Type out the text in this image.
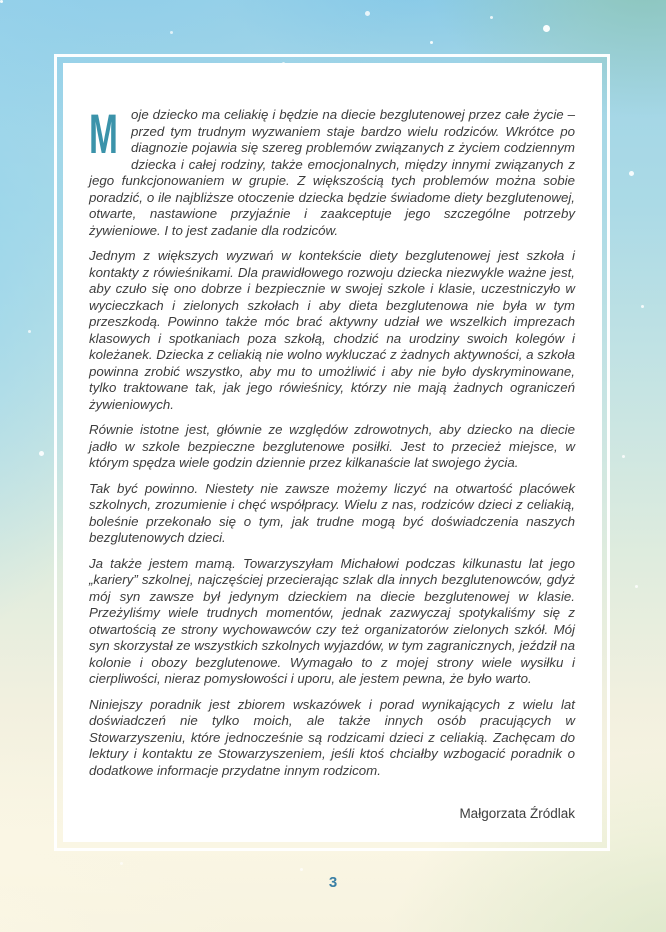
M oje dziecko ma celiakię i będzie na diecie bezglutenowej przez całe życie – przed tym trudnym wyzwaniem staje bardzo wielu rodziców. Wkrótce po diagnozie pojawia się szereg problemów związanych z życiem codziennym dziecka i całej rodziny, także emocjonalnych, między innymi związanych z jego funkcjonowaniem w grupie. Z większością tych problemów można sobie poradzić, o ile najbliższe otoczenie dziecka będzie świadome diety bezglutenowej, otwarte, nastawione przyjaźnie i zaakceptuje jego szczególne potrzeby żywieniowe. I to jest zadanie dla rodziców.

Jednym z większych wyzwań w kontekście diety bezglutenowej jest szkoła i kontakty z rówieśnikami. Dla prawidłowego rozwoju dziecka niezwykle ważne jest, aby czuło się ono dobrze i bezpiecznie w swojej szkole i klasie, uczestniczyło w wycieczkach i zielonych szkołach i aby dieta bezglutenowa nie była w tym przeszkodą. Powinno także móc brać aktywny udział we wszelkich imprezach klasowych i spotkaniach poza szkołą, chodzić na urodziny swoich kolegów i koleżanek. Dziecka z celiakią nie wolno wykluczać z żadnych aktywności, a szkoła powinna zrobić wszystko, aby mu to umożliwić i aby nie było dyskryminowane, tylko traktowane tak, jak jego rówieśnicy, którzy nie mają żadnych ograniczeń żywieniowych.

Równie istotne jest, głównie ze względów zdrowotnych, aby dziecko na diecie jadło w szkole bezpieczne bezglutenowe posiłki. Jest to przecież miejsce, w którym spędza wiele godzin dziennie przez kilkanaście lat swojego życia.

Tak być powinno. Niestety nie zawsze możemy liczyć na otwartość placówek szkolnych, zrozumienie i chęć współpracy. Wielu z nas, rodziców dzieci z celiakią, boleśnie przekonało się o tym, jak trudne mogą być doświadczenia naszych bezglutenowych dzieci.

Ja także jestem mamą. Towarzyszyłam Michałowi podczas kilkunastu lat jego „kariery” szkolnej, najczęściej przecierając szlak dla innych bezglutenowców, gdyż mój syn zawsze był jedynym dzieckiem na diecie bezglutenowej w klasie. Przeżyliśmy wiele trudnych momentów, jednak zazwyczaj spotykaliśmy się z otwartością ze strony wychowawców czy też organizatorów zielonych szkół. Mój syn skorzystał ze wszystkich szkolnych wyjazdów, w tym zagranicznych, jeździł na kolonie i obozy bezglutenowe. Wymagało to z mojej strony wiele wysiłku i cierpliwości, nieraz pomysłowości i uporu, ale jestem pewna, że było warto.

Niniejszy poradnik jest zbiorem wskazówek i porad wynikających z wielu lat doświadczeń nie tylko moich, ale także innych osób pracujących w Stowarzyszeniu, które jednocześnie są rodzicami dzieci z celiakią. Zachęcam do lektury i kontaktu ze Stowarzyszeniem, jeśli ktoś chciałby wzbogacić poradnik o dodatkowe informacje przydatne innym rodzicom.

Małgorzata Źródlak
3
